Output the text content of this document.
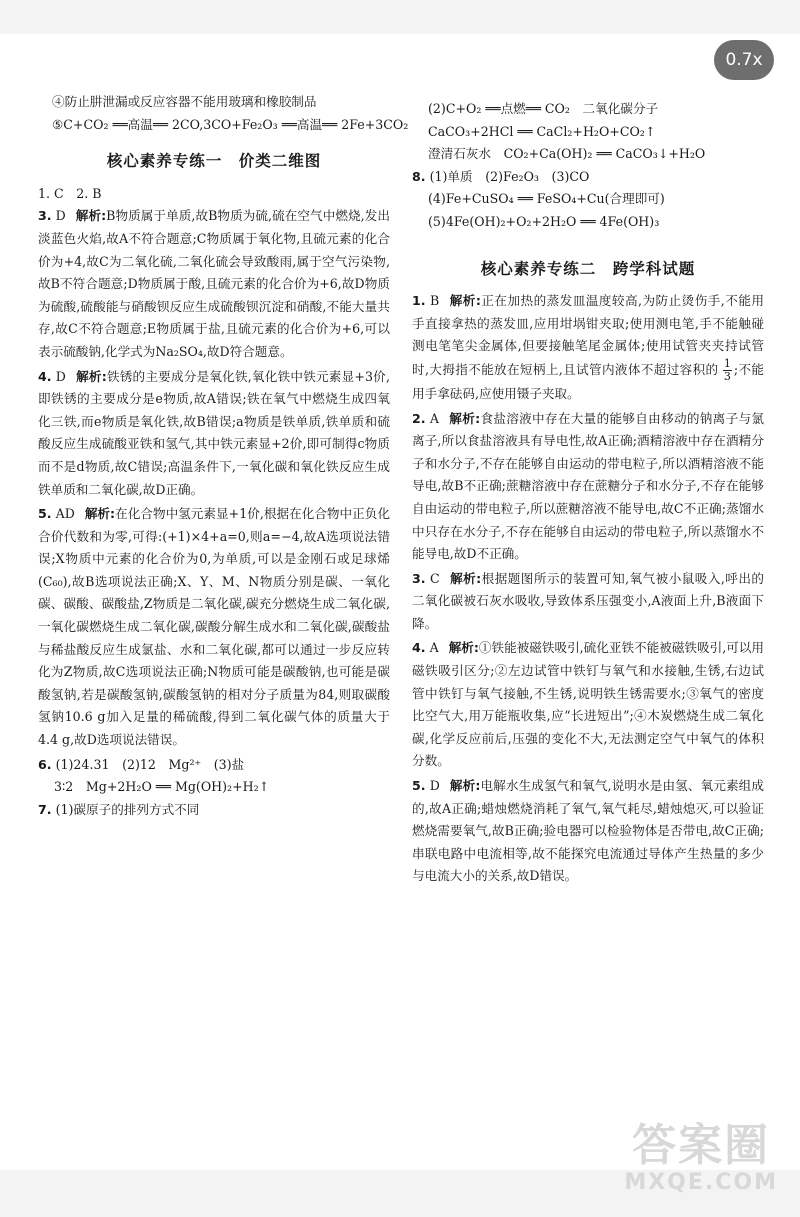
0.7x
④防止肼泄漏或反应容器不能用玻璃和橡胶制品
⑤C+CO₂ ══高温══ 2CO,3CO+Fe₂O₃ ══高温══ 2Fe+3CO₂
核心素养专练一　价类二维图
1. C　2. B

3. D 解析:B物质属于单质,故B物质为硫,硫在空气中燃烧,发出淡蓝色火焰,故A不符合题意;C物质属于氧化物,且硫元素的化合价为+4,故C为二氧化硫,二氧化硫会导致酸雨,属于空气污染物,故B不符合题意;D物质属于酸,且硫元素的化合价为+6,故D物质为硫酸,硫酸能与硝酸钡反应生成硫酸钡沉淀和硝酸,不能大量共存,故C不符合题意;E物质属于盐,且硫元素的化合价为+6,可以表示硫酸钠,化学式为Na₂SO₄,故D符合题意。

4. D 解析:铁锈的主要成分是氧化铁,氧化铁中铁元素显+3价,即铁锈的主要成分是e物质,故A错误;铁在氧气中燃烧生成四氧化三铁,而e物质是氧化铁,故B错误;a物质是铁单质,铁单质和硫酸反应生成硫酸亚铁和氢气,其中铁元素显+2价,即可制得c物质而不是d物质,故C错误;高温条件下,一氧化碳和氧化铁反应生成铁单质和二氧化碳,故D正确。

5. AD 解析:在化合物中氢元素显+1价,根据在化合物中正负化合价代数和为零,可得:(+1)×4+a=0,则a=−4,故A选项说法错误;X物质中元素的化合价为0,为单质,可以是金刚石或足球烯(C₆₀),故B选项说法正确;X、Y、M、N物质分别是碳、一氧化碳、碳酸、碳酸盐,Z物质是二氧化碳,碳充分燃烧生成二氧化碳,一氧化碳燃烧生成二氧化碳,碳酸分解生成水和二氧化碳,碳酸盐与稀盐酸反应生成氯盐、水和二氧化碳,都可以通过一步反应转化为Z物质,故C选项说法正确;N物质可能是碳酸钠,也可能是碳酸氢钠,若是碳酸氢钠,碳酸氢钠的相对分子质量为84,则取碳酸氢钠10.6 g加入足量的稀硫酸,得到二氧化碳气体的质量大于4.4 g,故D选项说法错误。

6. (1)24.31　(2)12　Mg²⁺　(3)盐
3∶2　Mg+2H₂O ══ Mg(OH)₂+H₂↑
7. (1)碳原子的排列方式不同
(2)C+O₂ ══点燃══ CO₂　二氧化碳分子
CaCO₃+2HCl ══ CaCl₂+H₂O+CO₂↑
澄清石灰水　CO₂+Ca(OH)₂ ══ CaCO₃↓+H₂O
8. (1)单质　(2)Fe₂O₃　(3)CO
(4)Fe+CuSO₄ ══ FeSO₄+Cu(合理即可)
(5)4Fe(OH)₂+O₂+2H₂O ══ 4Fe(OH)₃
核心素养专练二　跨学科试题

1. B 解析:正在加热的蒸发皿温度较高,为防止烫伤手,不能用手直接拿热的蒸发皿,应用坩埚钳夹取;使用测电笔,手不能触碰测电笔笔尖金属体,但要接触笔尾金属体;使用试管夹夹持试管时,大拇指不能放在短柄上,且试管内液体不超过容积的 $\frac{1}{3}$ ;不能用手拿砝码,应使用镊子夹取。

2. A 解析:食盐溶液中存在大量的能够自由移动的钠离子与氯离子,所以食盐溶液具有导电性,故A正确;酒精溶液中存在酒精分子和水分子,不存在能够自由运动的带电粒子,所以酒精溶液不能导电,故B不正确;蔗糖溶液中存在蔗糖分子和水分子,不存在能够自由运动的带电粒子,所以蔗糖溶液不能导电,故C不正确;蒸馏水中只存在水分子,不存在能够自由运动的带电粒子,所以蒸馏水不能导电,故D不正确。

3. C 解析:根据题图所示的装置可知,氧气被小鼠吸入,呼出的二氧化碳被石灰水吸收,导致体系压强变小,A液面上升,B液面下降。

4. A 解析:①铁能被磁铁吸引,硫化亚铁不能被磁铁吸引,可以用磁铁吸引区分;②左边试管中铁钉与氧气和水接触,生锈,右边试管中铁钉与氧气接触,不生锈,说明铁生锈需要水;③氧气的密度比空气大,用万能瓶收集,应“长进短出”;④木炭燃烧生成二氧化碳,化学反应前后,压强的变化不大,无法测定空气中氧气的体积分数。

5. D 解析:电解水生成氢气和氧气,说明水是由氢、氧元素组成的,故A正确;蜡烛燃烧消耗了氧气,氧气耗尽,蜡烛熄灭,可以验证燃烧需要氧气,故B正确;验电器可以检验物体是否带电,故C正确;串联电路中电流相等,故不能探究电流通过导体产生热量的多少与电流大小的关系,故D错误。

答案圈
MXQE.COM
